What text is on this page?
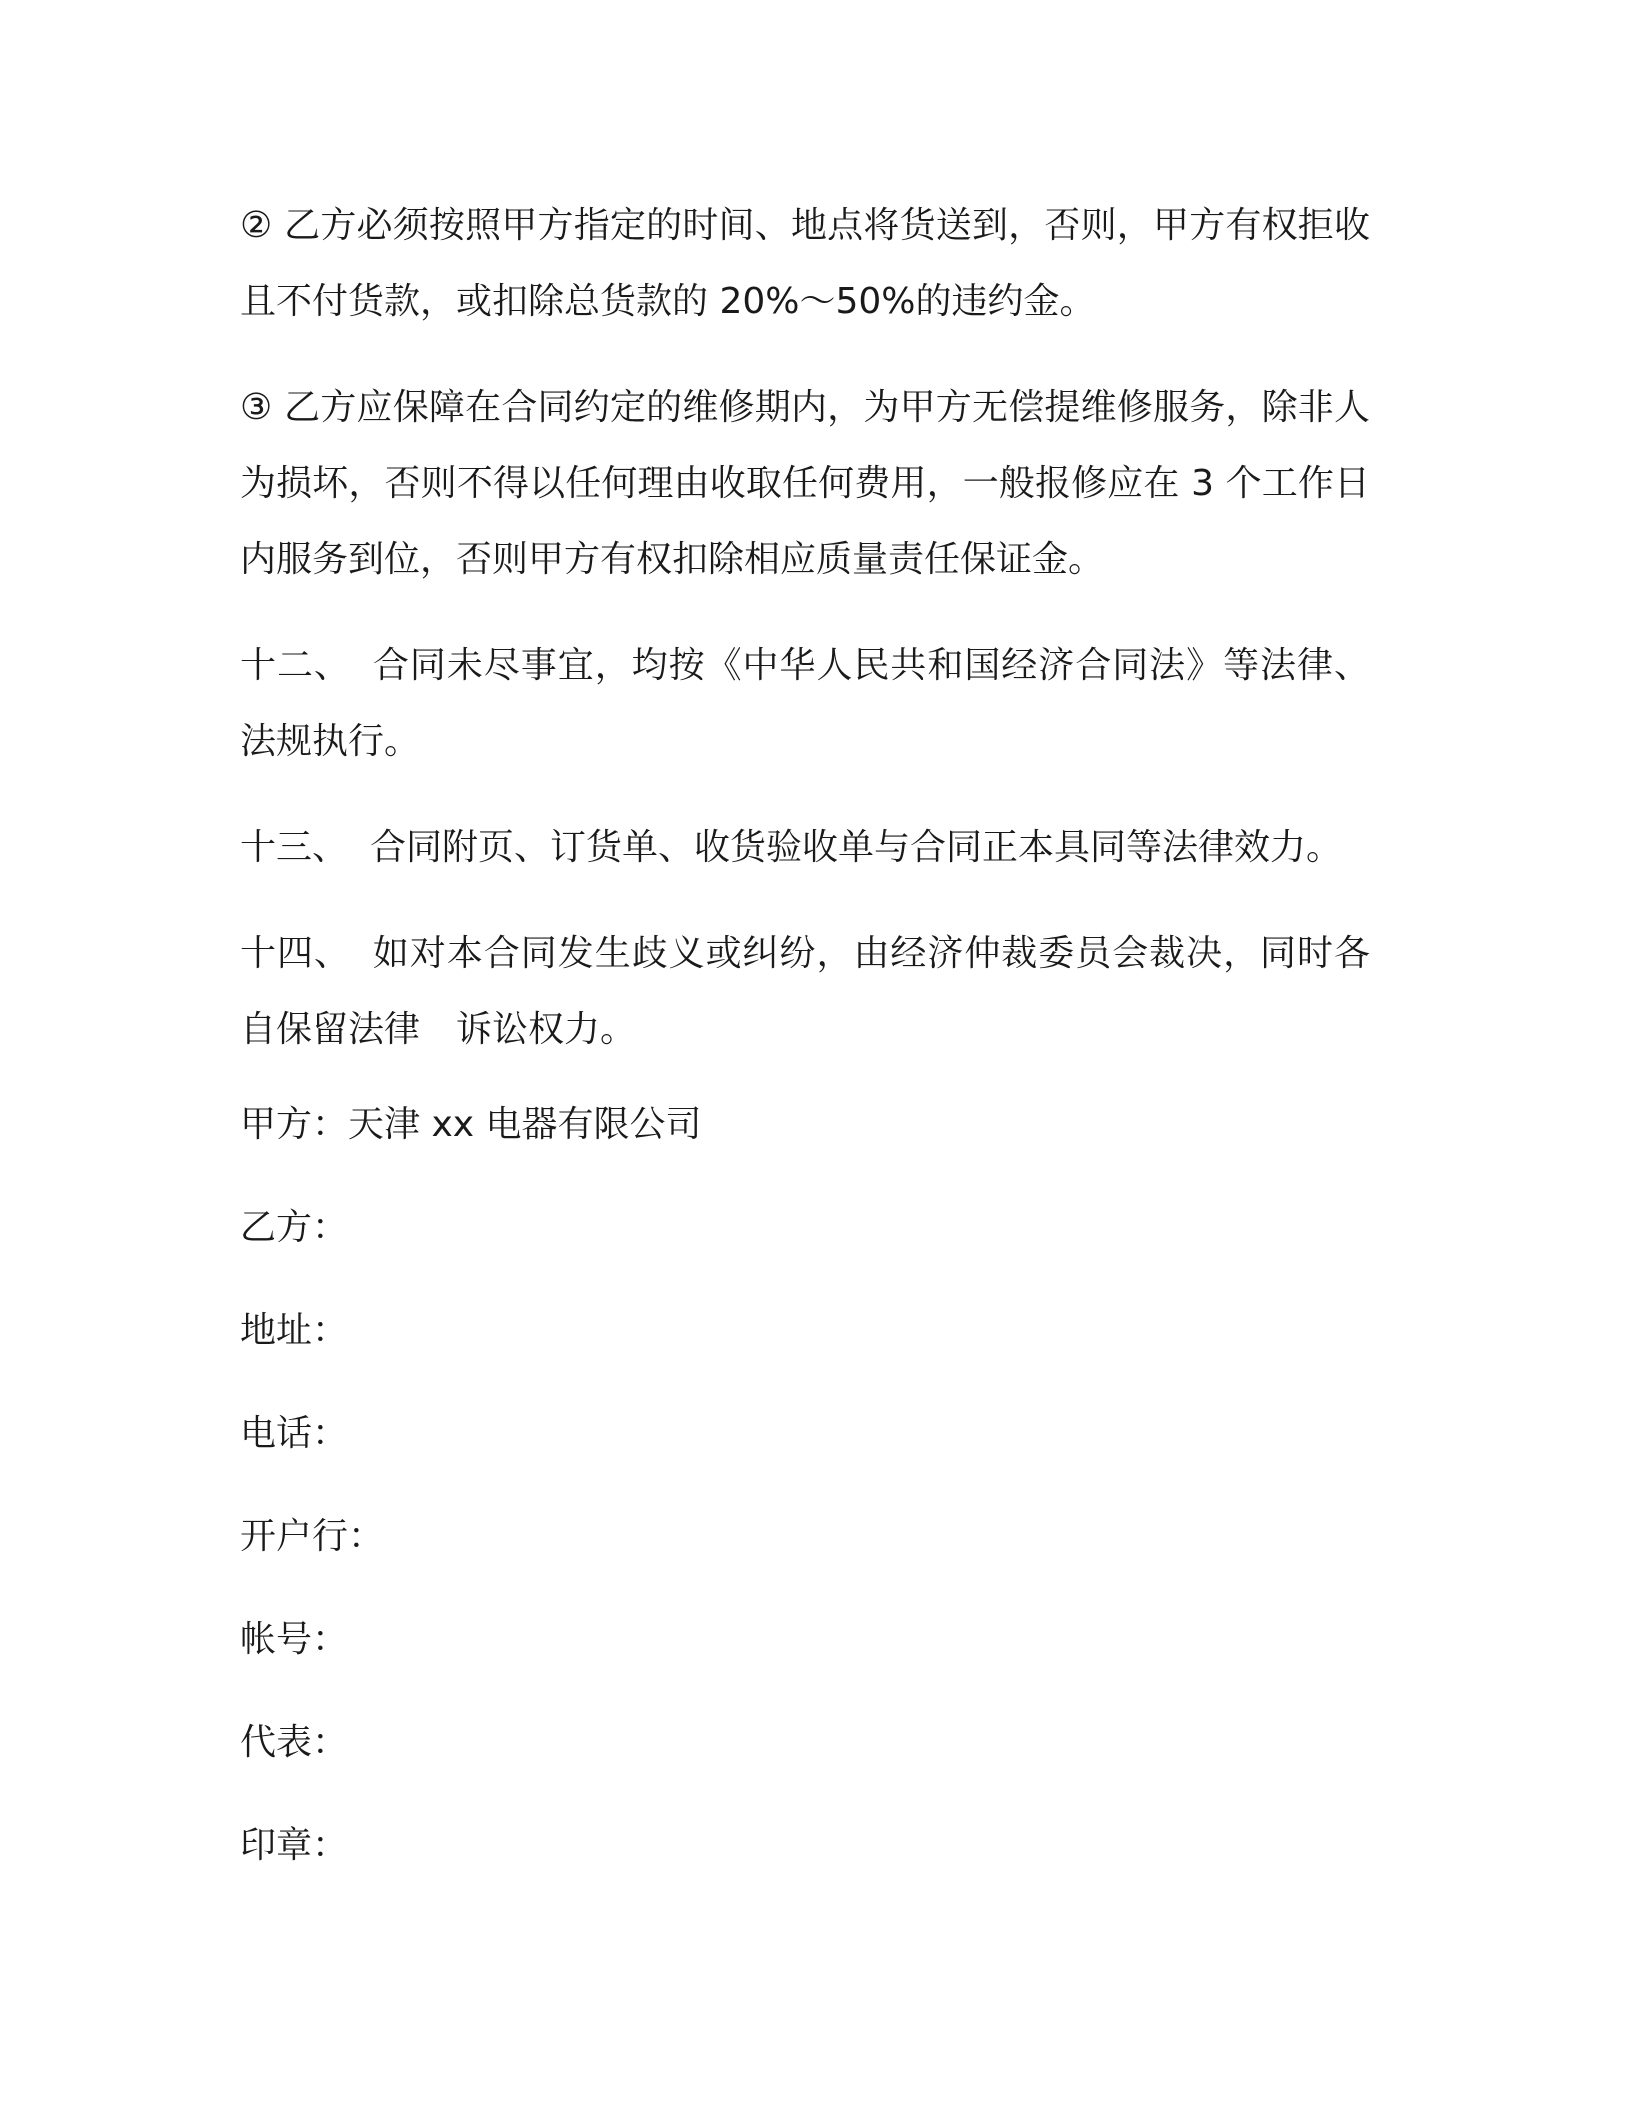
② 乙方必须按照甲方指定的时间、地点将货送到，否则，甲方有权拒收且不付货款，或扣除总货款的 20%～50%的违约金。

③ 乙方应保障在合同约定的维修期内，为甲方无偿提维修服务，除非人为损坏，否则不得以任何理由收取任何费用，一般报修应在 3 个工作日内服务到位，否则甲方有权扣除相应质量责任保证金。

十二、 合同未尽事宜，均按《中华人民共和国经济合同法》等法律、法规执行。

十三、 合同附页、订货单、收货验收单与合同正本具同等法律效力。

十四、 如对本合同发生歧义或纠纷，由经济仲裁委员会裁决，同时各自保留法律 诉讼权力。

甲方：天津 xx 电器有限公司
乙方：
地址：
电话：
开户行：
帐号：
代表：
印章：
